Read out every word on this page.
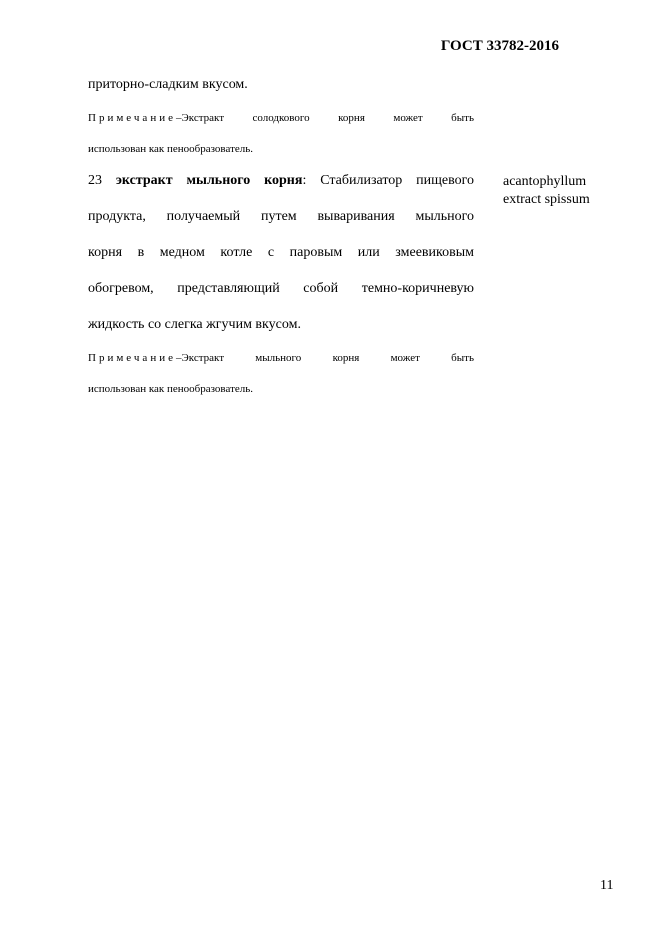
ГОСТ 33782-2016
приторно-сладким вкусом.
Примечание–Экстракт солодкового корня может быть
использован как пенообразователь.
23 экстракт мыльного корня: Стабилизатор пищевого acantophyllum
extract spissum
продукта, получаемый путем вываривания мыльного
корня в медном котле с паровым или змеевиковым
обогревом, представляющий собой темно-коричневую
жидкость со слегка жгучим вкусом.
Примечание–Экстракт мыльного корня может быть
использован как пенообразователь.
11
